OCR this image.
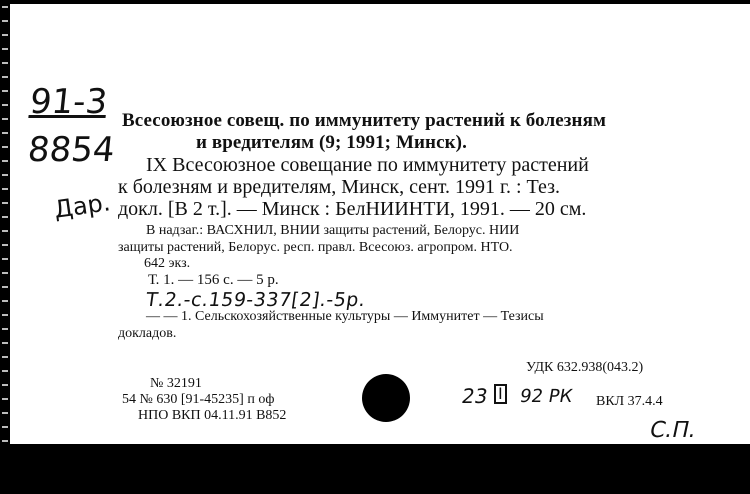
91-3
8854
Дар.
Всесоюзное совещ. по иммунитету растений к болезням
и вредителям (9; 1991; Минск).
IX Всесоюзное совещание по иммунитету растений
к болезням и вредителям, Минск, сент. 1991 г. : Тез.
докл. [В 2 т.]. — Минск : БелНИИНТИ, 1991. — 20 см.
В надзаг.: ВАСХНИЛ, ВНИИ защиты растений, Белорус. НИИ
защиты растений, Белорус. респ. правл. Всесоюз. агропром. НТО.
642 экз.
Т. 1. — 156 с. — 5 р.
Т.2.-с.159-337[2].-5р.
— — 1. Сельскохозяйственные культуры — Иммунитет — Тезисы
докладов.
УДК 632.938(043.2)
№ 32191
54 № 630 [91-45235] п оф
НПО ВКП 04.11.91 В852
23 I 92 РК ВКЛ 37.4.4
С.П.
